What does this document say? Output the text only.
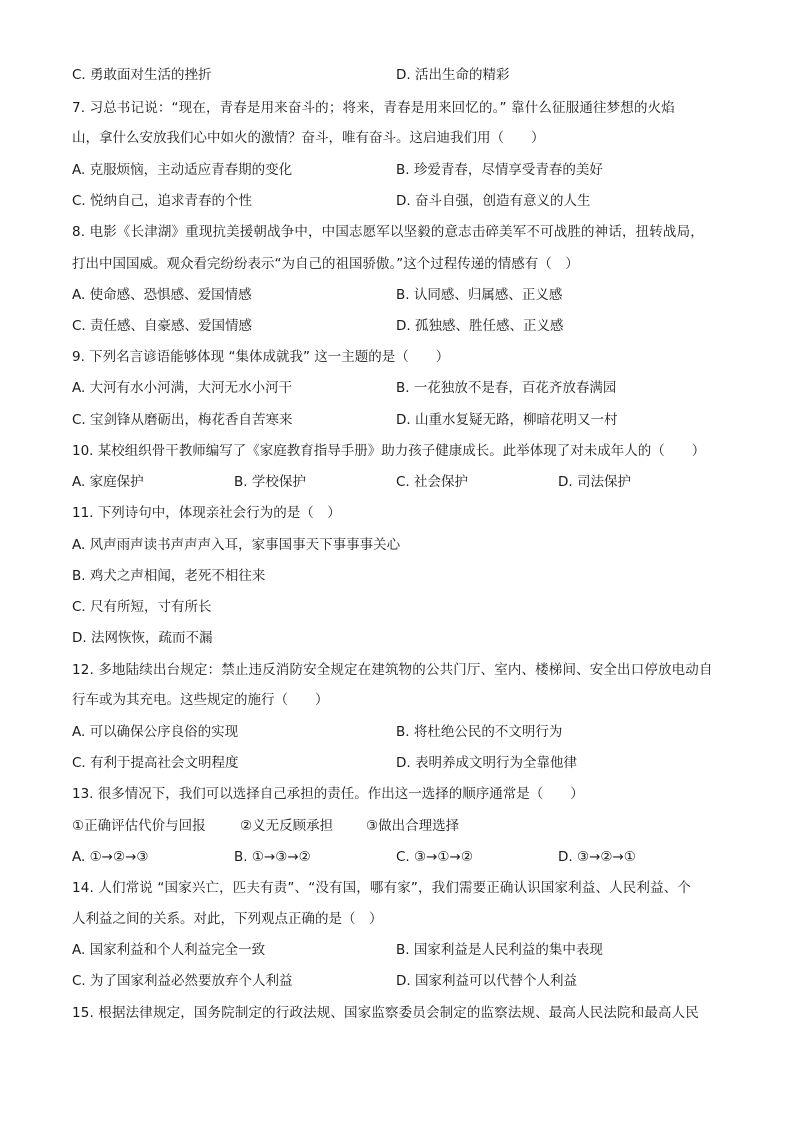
C. 勇敢面对生活的挫折	D. 活出生命的精彩
7. 习总书记说：“现在，青春是用来奋斗的；将来，青春是用来回忆的。” 靠什么征服通往梦想的火焰
山，拿什么安放我们心中如火的激情？奋斗，唯有奋斗。这启迪我们用（　　）
A. 克服烦恼，主动适应青春期的变化	B. 珍爱青春，尽情享受青春的美好
C. 悦纳自己，追求青春的个性	D. 奋斗自强，创造有意义的人生
8. 电影《长津湖》重现抗美援朝战争中，中国志愿军以坚毅的意志击碎美军不可战胜的神话，扭转战局，
打出中国国威。观众看完纷纷表示“为自己的祖国骄傲。”这个过程传递的情感有（　）
A. 使命感、恐惧感、爱国情感	B. 认同感、归属感、正义感
C. 责任感、自豪感、爱国情感	D. 孤独感、胜任感、正义感
9. 下列名言谚语能够体现 “集体成就我” 这一主题的是（　　）
A. 大河有水小河满，大河无水小河干	B. 一花独放不是春，百花齐放春满园
C. 宝剑锋从磨砺出，梅花香自苦寒来	D. 山重水复疑无路，柳暗花明又一村
10. 某校组织骨干教师编写了《家庭教育指导手册》助力孩子健康成长。此举体现了对未成年人的（　　）
A. 家庭保护	B. 学校保护	C. 社会保护	D. 司法保护
11. 下列诗句中，体现亲社会行为的是（　）
A. 风声雨声读书声声声入耳，家事国事天下事事事关心
B. 鸡犬之声相闻，老死不相往来
C. 尺有所短，寸有所长
D. 法网恢恢，疏而不漏
12. 多地陆续出台规定：禁止违反消防安全规定在建筑物的公共门厅、室内、楼梯间、安全出口停放电动自
行车或为其充电。这些规定的施行（　　）
A. 可以确保公序良俗的实现	B. 将杜绝公民的不文明行为
C. 有利于提高社会文明程度	D. 表明养成文明行为全靠他律
13. 很多情况下，我们可以选择自己承担的责任。作出这一选择的顺序通常是（　　）
①正确评估代价与回报	②义无反顾承担 ③做出合理选择
A. ①→②→③	B. ①→③→②	C. ③→①→②	D. ③→②→①
14. 人们常说 “国家兴亡，匹夫有责”、“没有国，哪有家”，我们需要正确认识国家利益、人民利益、个
人利益之间的关系。对此，下列观点正确的是（　）
A. 国家利益和个人利益完全一致	B. 国家利益是人民利益的集中表现
C. 为了国家利益必然要放弃个人利益	D. 国家利益可以代替个人利益
15. 根据法律规定，国务院制定的行政法规、国家监察委员会制定的监察法规、最高人民法院和最高人民
